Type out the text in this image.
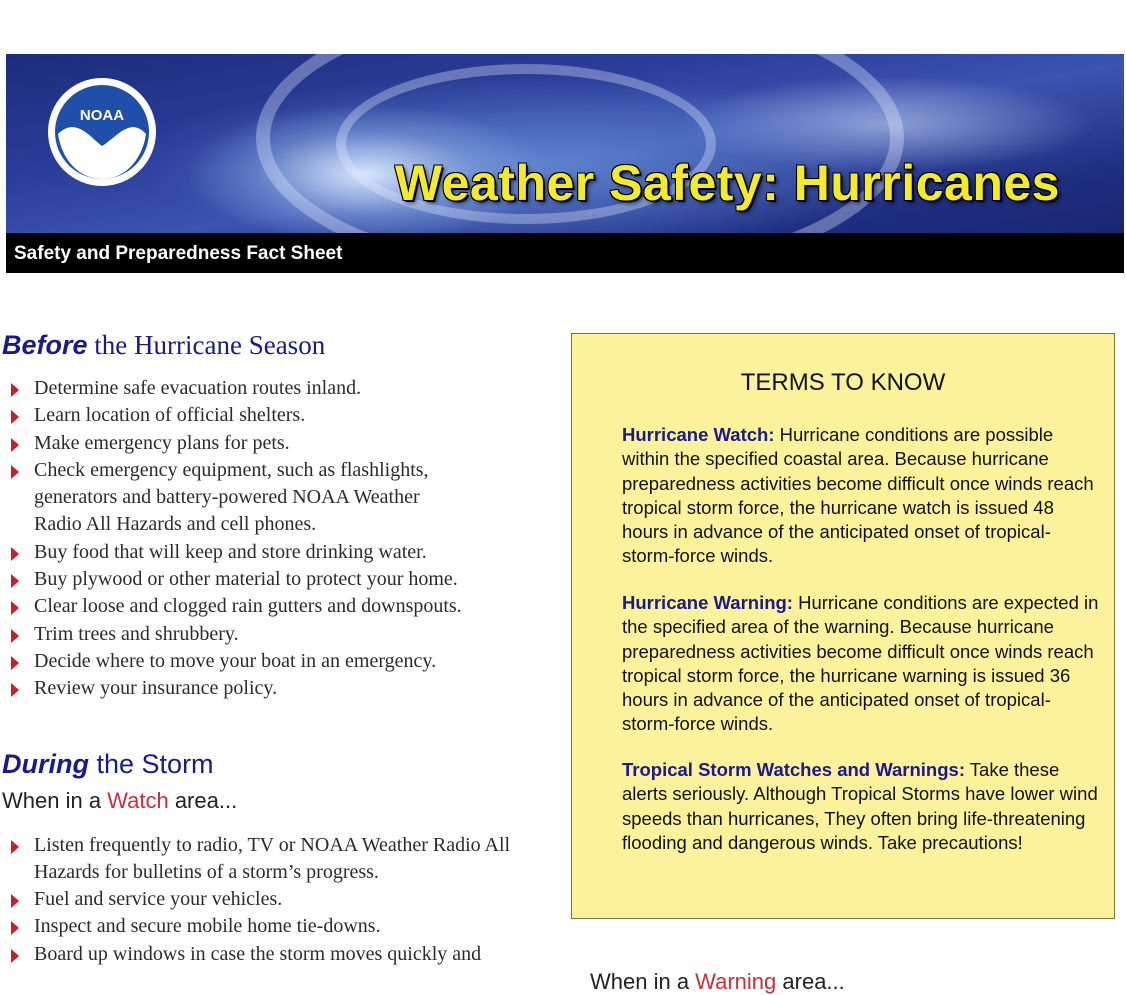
NOAA
Weather Safety: Hurricanes
Safety and Preparedness Fact Sheet
Before the Hurricane Season
Determine safe evacuation routes inland.
Learn location of official shelters.
Make emergency plans for pets.
Check emergency equipment, such as flashlights, generators and battery-powered NOAA Weather Radio All Hazards and cell phones.
Buy food that will keep and store drinking water.
Buy plywood or other material to protect your home.
Clear loose and clogged rain gutters and downspouts.
Trim trees and shrubbery.
Decide where to move your boat in an emergency.
Review your insurance policy.
During the Storm
When in a Watch area...
Listen frequently to radio, TV or NOAA Weather Radio All Hazards for bulletins of a storm’s progress.
Fuel and service your vehicles.
Inspect and secure mobile home tie-downs.
Board up windows in case the storm moves quickly and
TERMS TO KNOW
Hurricane Watch: Hurricane conditions are possible within the specified coastal area. Because hurricane preparedness activities become difficult once winds reach tropical storm force, the hurricane watch is issued 48 hours in advance of the anticipated onset of tropical-storm-force winds.
Hurricane Warning: Hurricane conditions are expected in the specified area of the warning. Because hurricane preparedness activities become difficult once winds reach tropical storm force, the hurricane warning is issued 36 hours in advance of the anticipated onset of tropical-storm-force winds.
Tropical Storm Watches and Warnings: Take these alerts seriously. Although Tropical Storms have lower wind speeds than hurricanes, They often bring life-threatening flooding and dangerous winds. Take precautions!
When in a Warning area...
